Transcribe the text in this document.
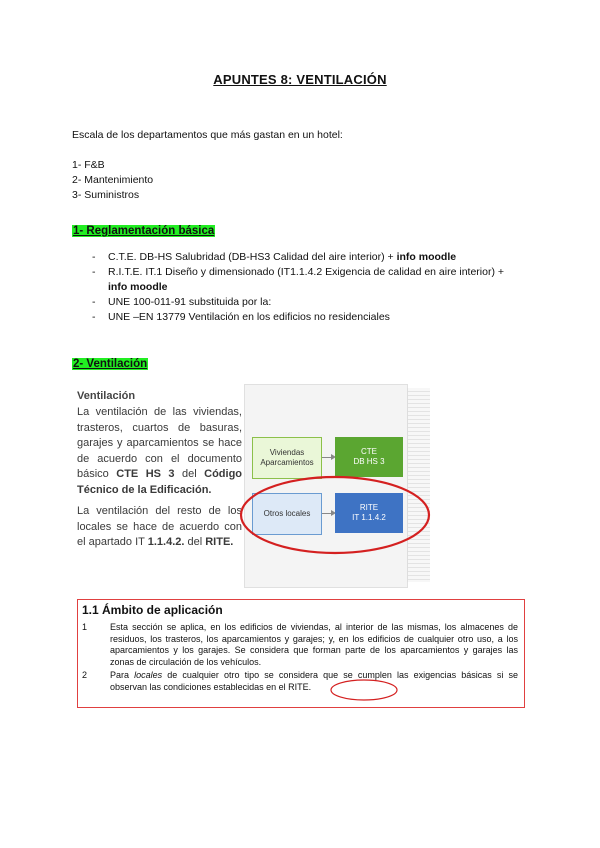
APUNTES 8: VENTILACIÓN
Escala de los departamentos que más gastan en un hotel:
1- F&B
2- Mantenimiento
3- Suministros
1- Reglamentación básica
- C.T.E. DB-HS Salubridad (DB-HS3 Calidad del aire interior) + info moodle
- R.I.T.E. IT.1 Diseño y dimensionado (IT1.1.4.2 Exigencia de calidad en aire interior) + info moodle
- UNE 100-011-91 substituida por la:
- UNE –EN 13779 Ventilación en los edificios no residenciales
2- Ventilación
Ventilación
La ventilación de las viviendas, trasteros, cuartos de basuras, garajes y aparcamientos se hace de acuerdo con el documento básico CTE HS 3 del Código Técnico de la Edificación.
La ventilación del resto de los locales se hace de acuerdo con el apartado IT 1.1.4.2. del RITE.
Viviendas
Aparcamientos
CTE
DB HS 3
Otros locales
RITE
IT 1.1.4.2
1.1 Ámbito de aplicación
1	Esta sección se aplica, en los edificios de viviendas, al interior de las mismas, los almacenes de residuos, los trasteros, los aparcamientos y garajes; y, en los edificios de cualquier otro uso, a los aparcamientos y los garajes. Se considera que forman parte de los aparcamientos y garajes las zonas de circulación de los vehículos.
2	Para locales de cualquier otro tipo se considera que se cumplen las exigencias básicas si se observan las condiciones establecidas en el RITE.
